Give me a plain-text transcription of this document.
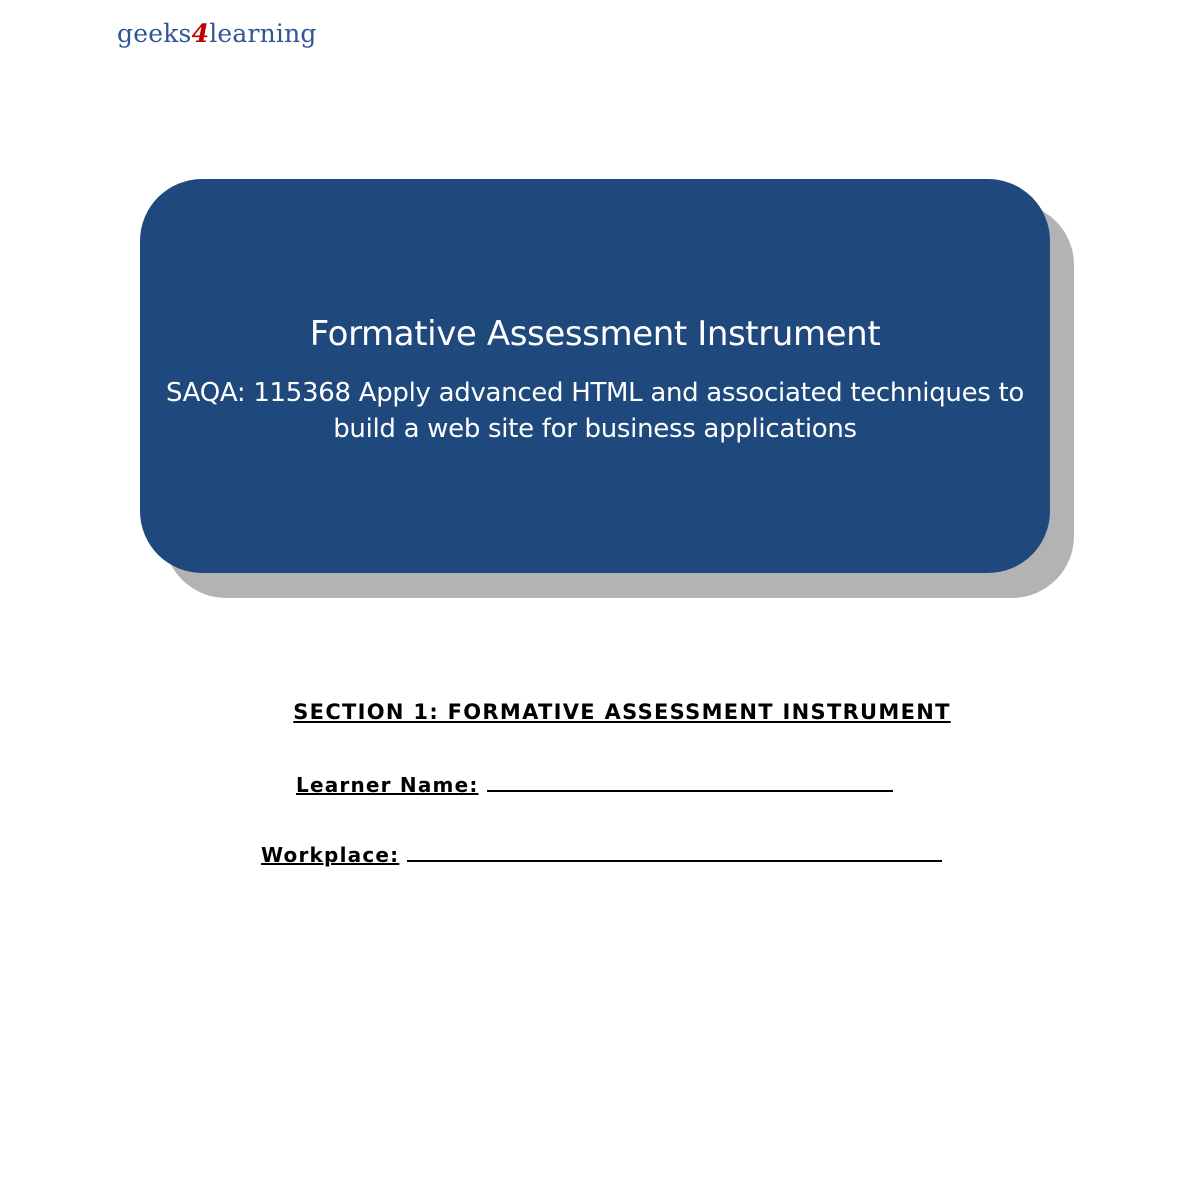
geeks4learning
Formative Assessment Instrument
SAQA: 115368 Apply advanced HTML and associated techniques to build a web site for business applications
SECTION 1: FORMATIVE ASSESSMENT INSTRUMENT
Learner Name:
Workplace:
